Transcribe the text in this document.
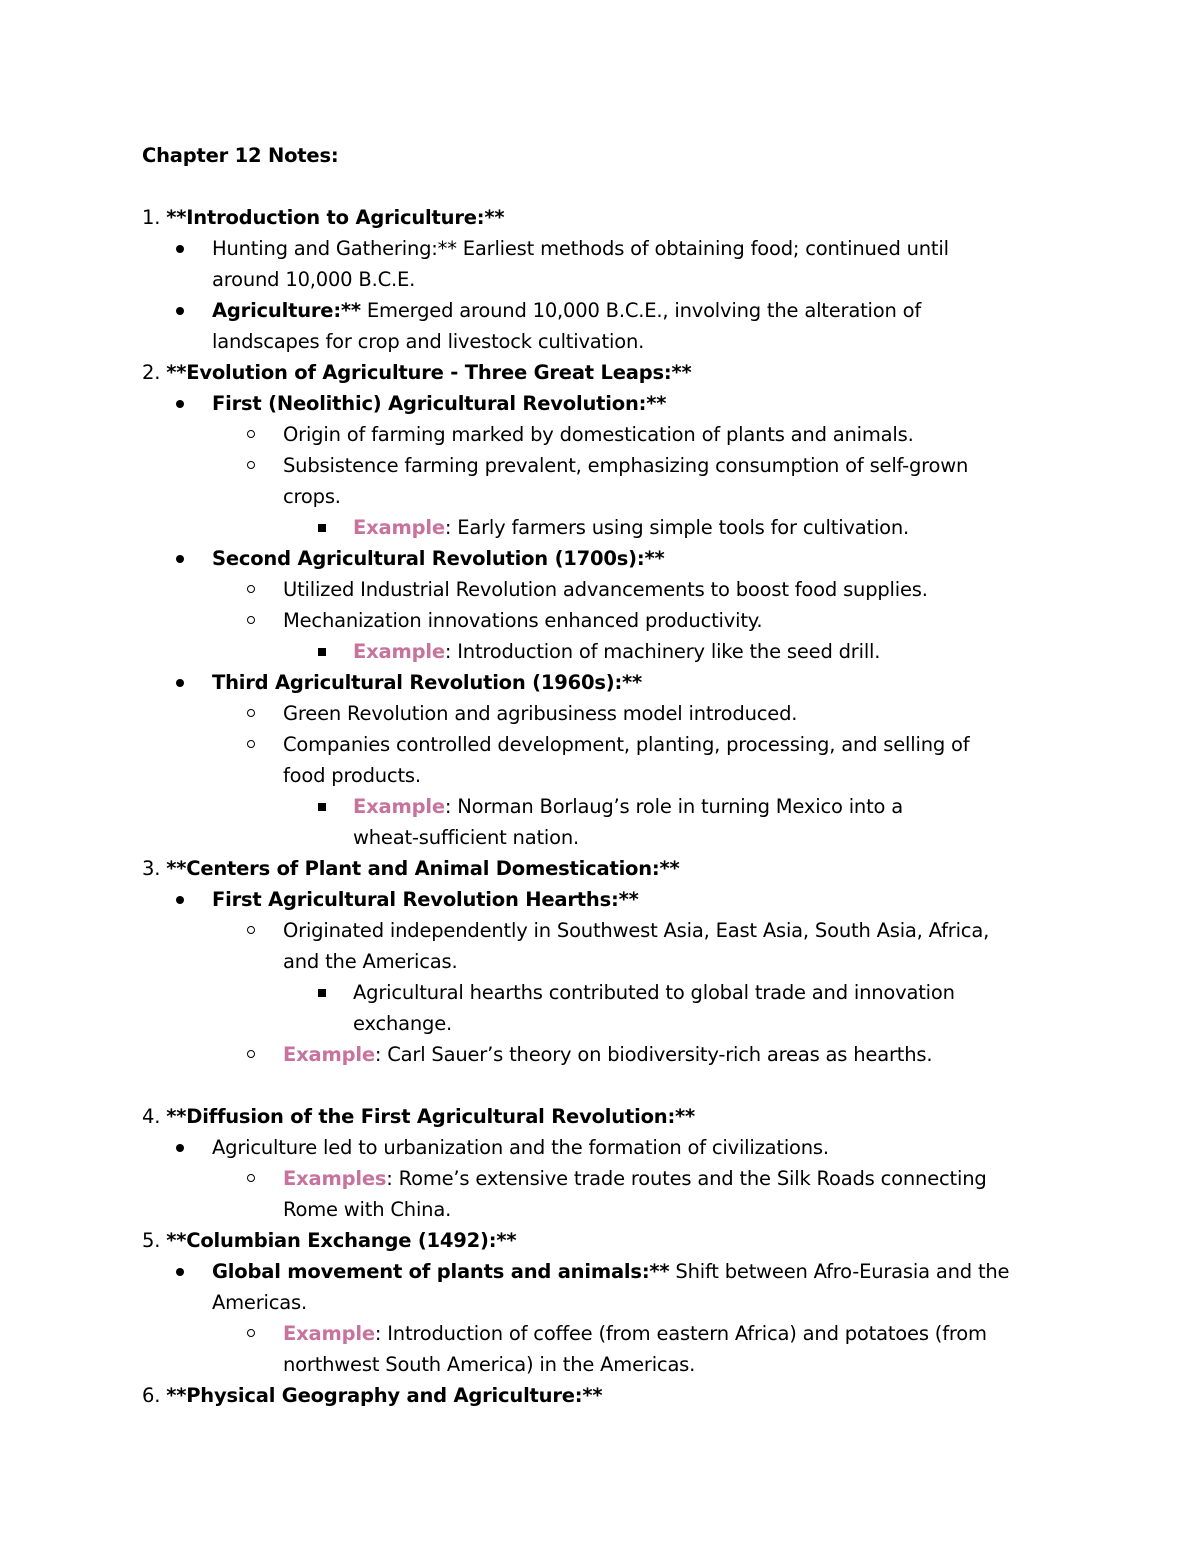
Chapter 12 Notes:
1. **Introduction to Agriculture:**
Hunting and Gathering:** Earliest methods of obtaining food; continued until
around 10,000 B.C.E.
Agriculture:** Emerged around 10,000 B.C.E., involving the alteration of
landscapes for crop and livestock cultivation.
2. **Evolution of Agriculture - Three Great Leaps:**
First (Neolithic) Agricultural Revolution:**
Origin of farming marked by domestication of plants and animals.
Subsistence farming prevalent, emphasizing consumption of self-grown
crops.
Example: Early farmers using simple tools for cultivation.
Second Agricultural Revolution (1700s):**
Utilized Industrial Revolution advancements to boost food supplies.
Mechanization innovations enhanced productivity.
Example: Introduction of machinery like the seed drill.
Third Agricultural Revolution (1960s):**
Green Revolution and agribusiness model introduced.
Companies controlled development, planting, processing, and selling of
food products.
Example: Norman Borlaug’s role in turning Mexico into a
wheat-sufficient nation.
3. **Centers of Plant and Animal Domestication:**
First Agricultural Revolution Hearths:**
Originated independently in Southwest Asia, East Asia, South Asia, Africa,
and the Americas.
Agricultural hearths contributed to global trade and innovation
exchange.
Example: Carl Sauer’s theory on biodiversity-rich areas as hearths.
4. **Diffusion of the First Agricultural Revolution:**
Agriculture led to urbanization and the formation of civilizations.
Examples: Rome’s extensive trade routes and the Silk Roads connecting
Rome with China.
5. **Columbian Exchange (1492):**
Global movement of plants and animals:** Shift between Afro-Eurasia and the
Americas.
Example: Introduction of coffee (from eastern Africa) and potatoes (from
northwest South America) in the Americas.
6. **Physical Geography and Agriculture:**
